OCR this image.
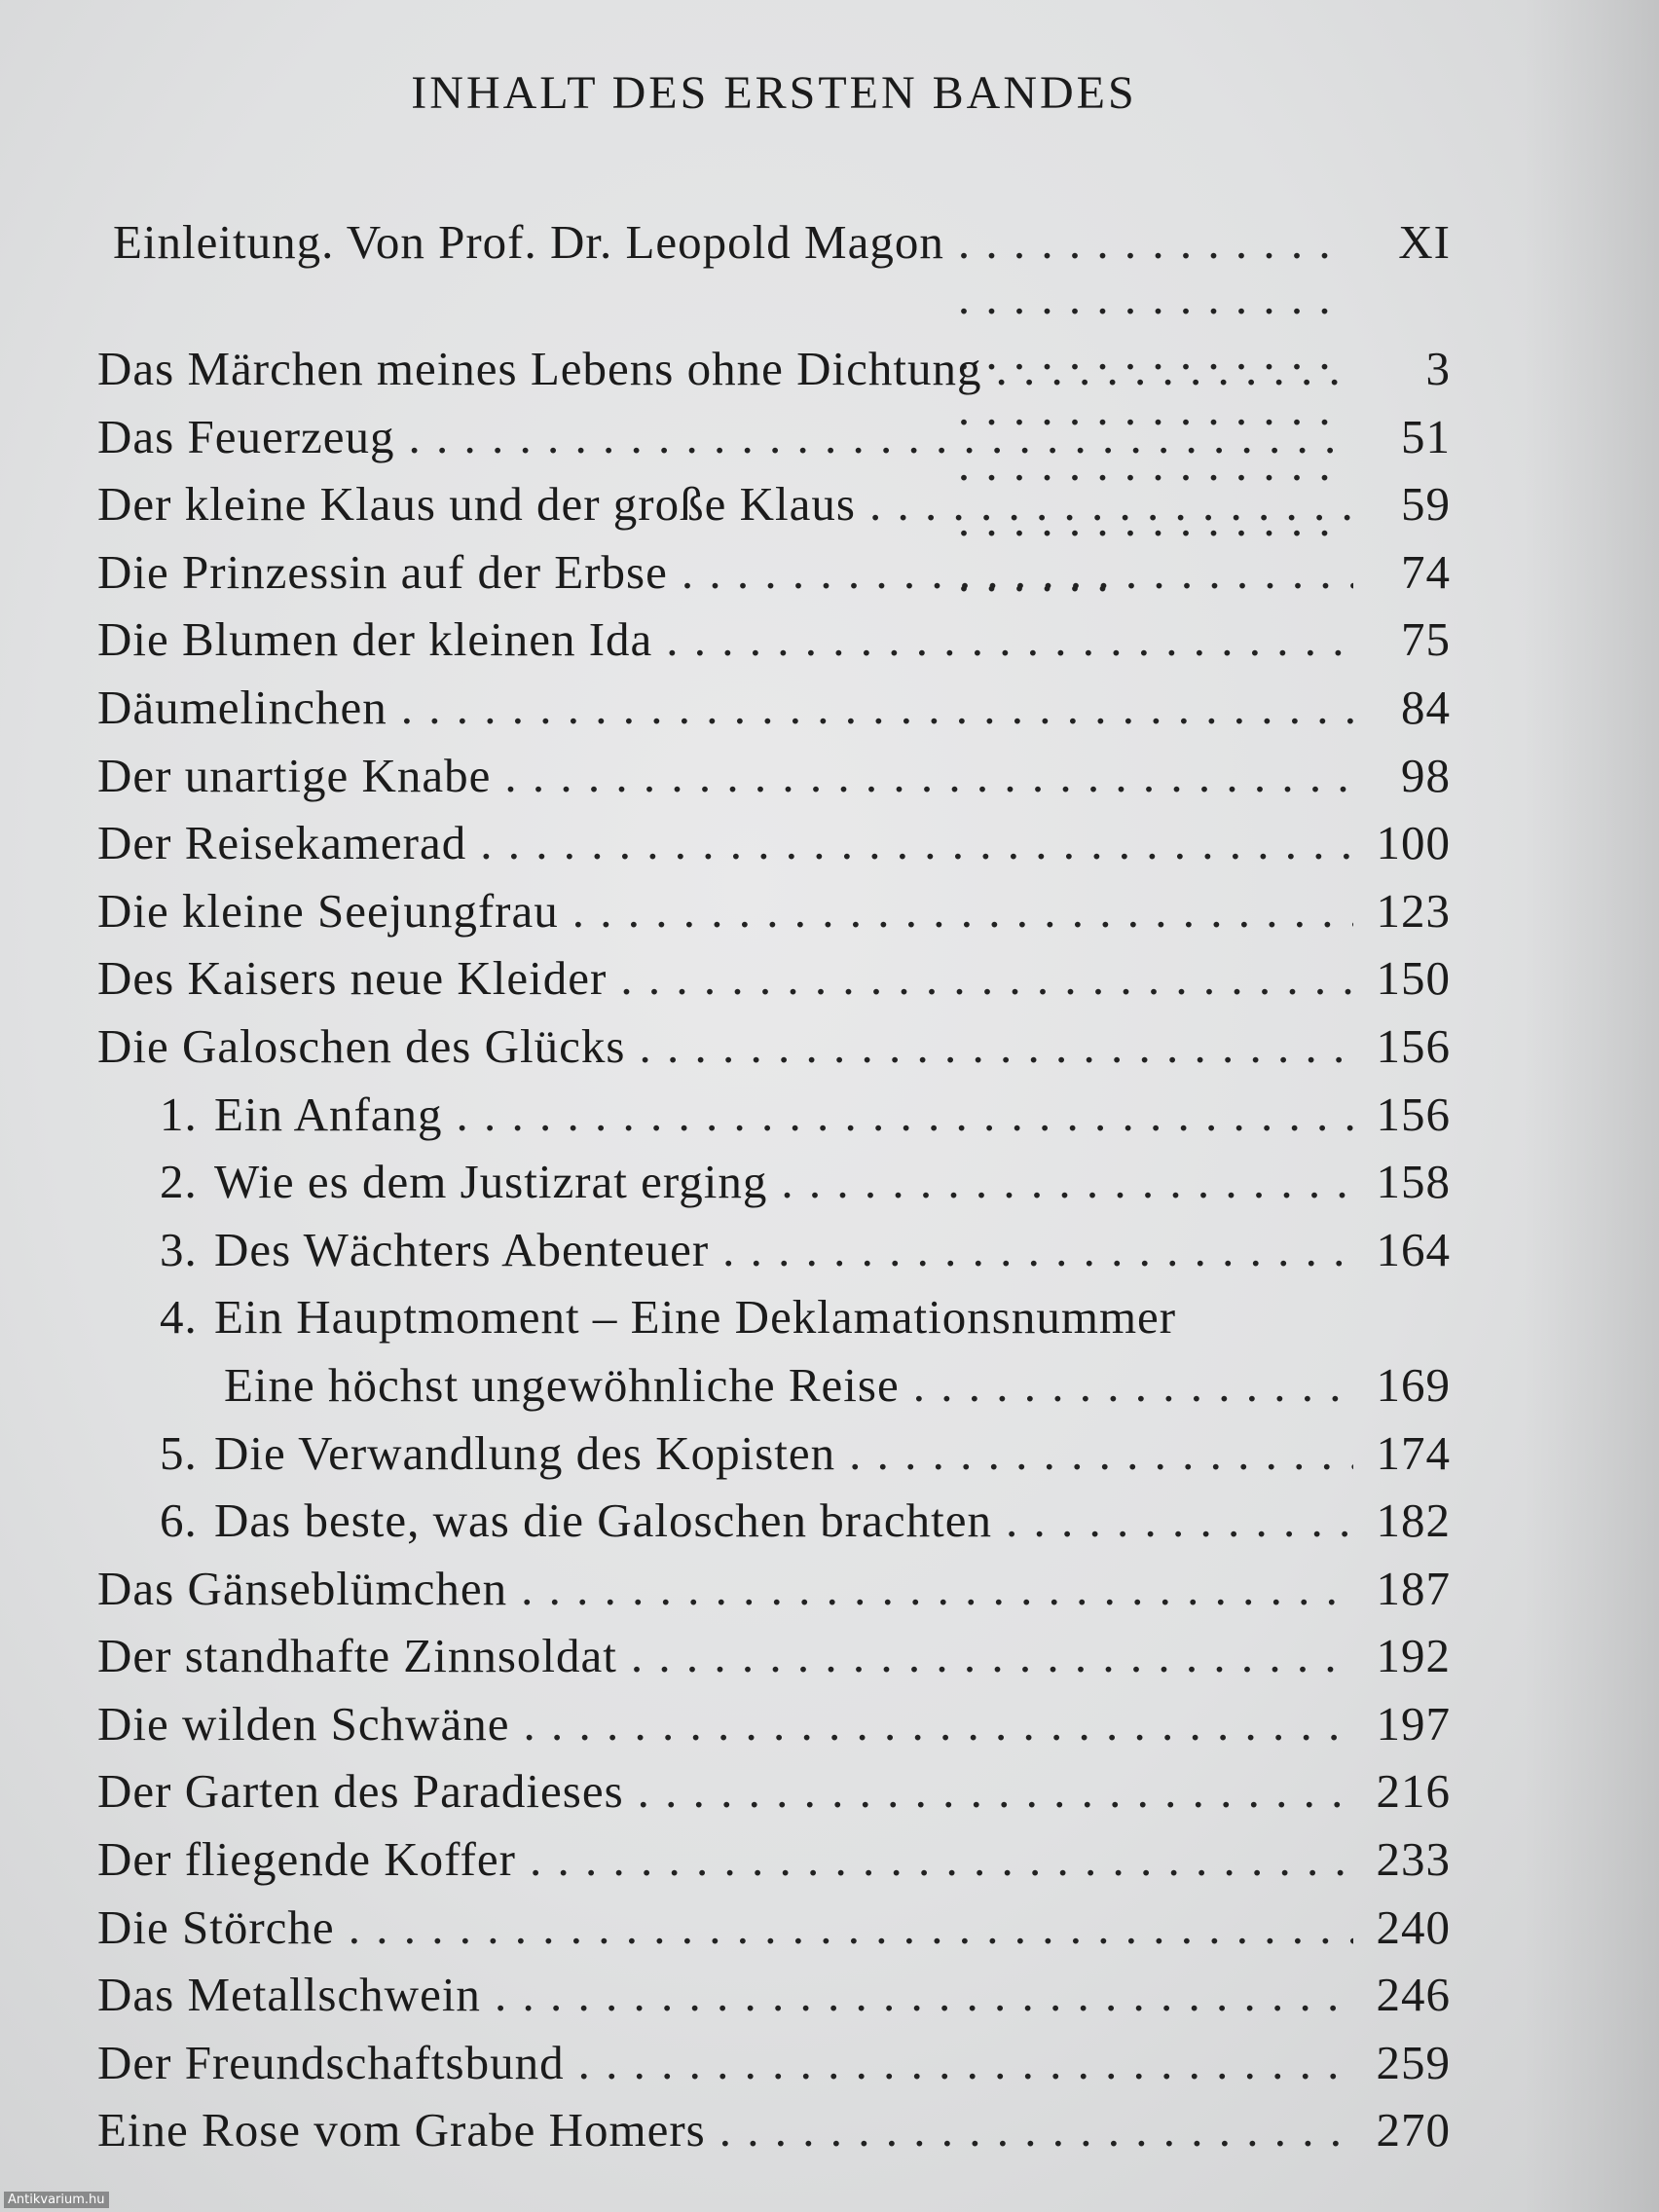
INHALT DES ERSTEN BANDES
Einleitung. Von Prof. Dr. Leopold Magon . . .	XI
Das Märchen meines Lebens ohne Dichtung . . .	3
Das Feuerzeug . . .	51
Der kleine Klaus und der große Klaus . . .	59
Die Prinzessin auf der Erbse . . .	74
Die Blumen der kleinen Ida . . .	75
Däumelinchen . . .	84
Der unartige Knabe . . .	98
Der Reisekamerad . . .	100
Die kleine Seejungfrau . . .	123
Des Kaisers neue Kleider . . .	150
Die Galoschen des Glücks . . .	156
1. Ein Anfang . . .	156
2. Wie es dem Justizrat erging . . .	158
3. Des Wächters Abenteuer . . .	164
4. Ein Hauptmoment – Eine Deklamationsnummer
Eine höchst ungewöhnliche Reise . . .	169
5. Die Verwandlung des Kopisten . . .	174
6. Das beste, was die Galoschen brachten . . .	182
Das Gänseblümchen . . .	187
Der standhafte Zinnsoldat . . .	192
Die wilden Schwäne . . .	197
Der Garten des Paradieses . . .	216
Der fliegende Koffer . . .	233
Die Störche . . .	240
Das Metallschwein . . .	246
Der Freundschaftsbund . . .	259
Eine Rose vom Grabe Homers . . .	270
Antikvarium.hu
